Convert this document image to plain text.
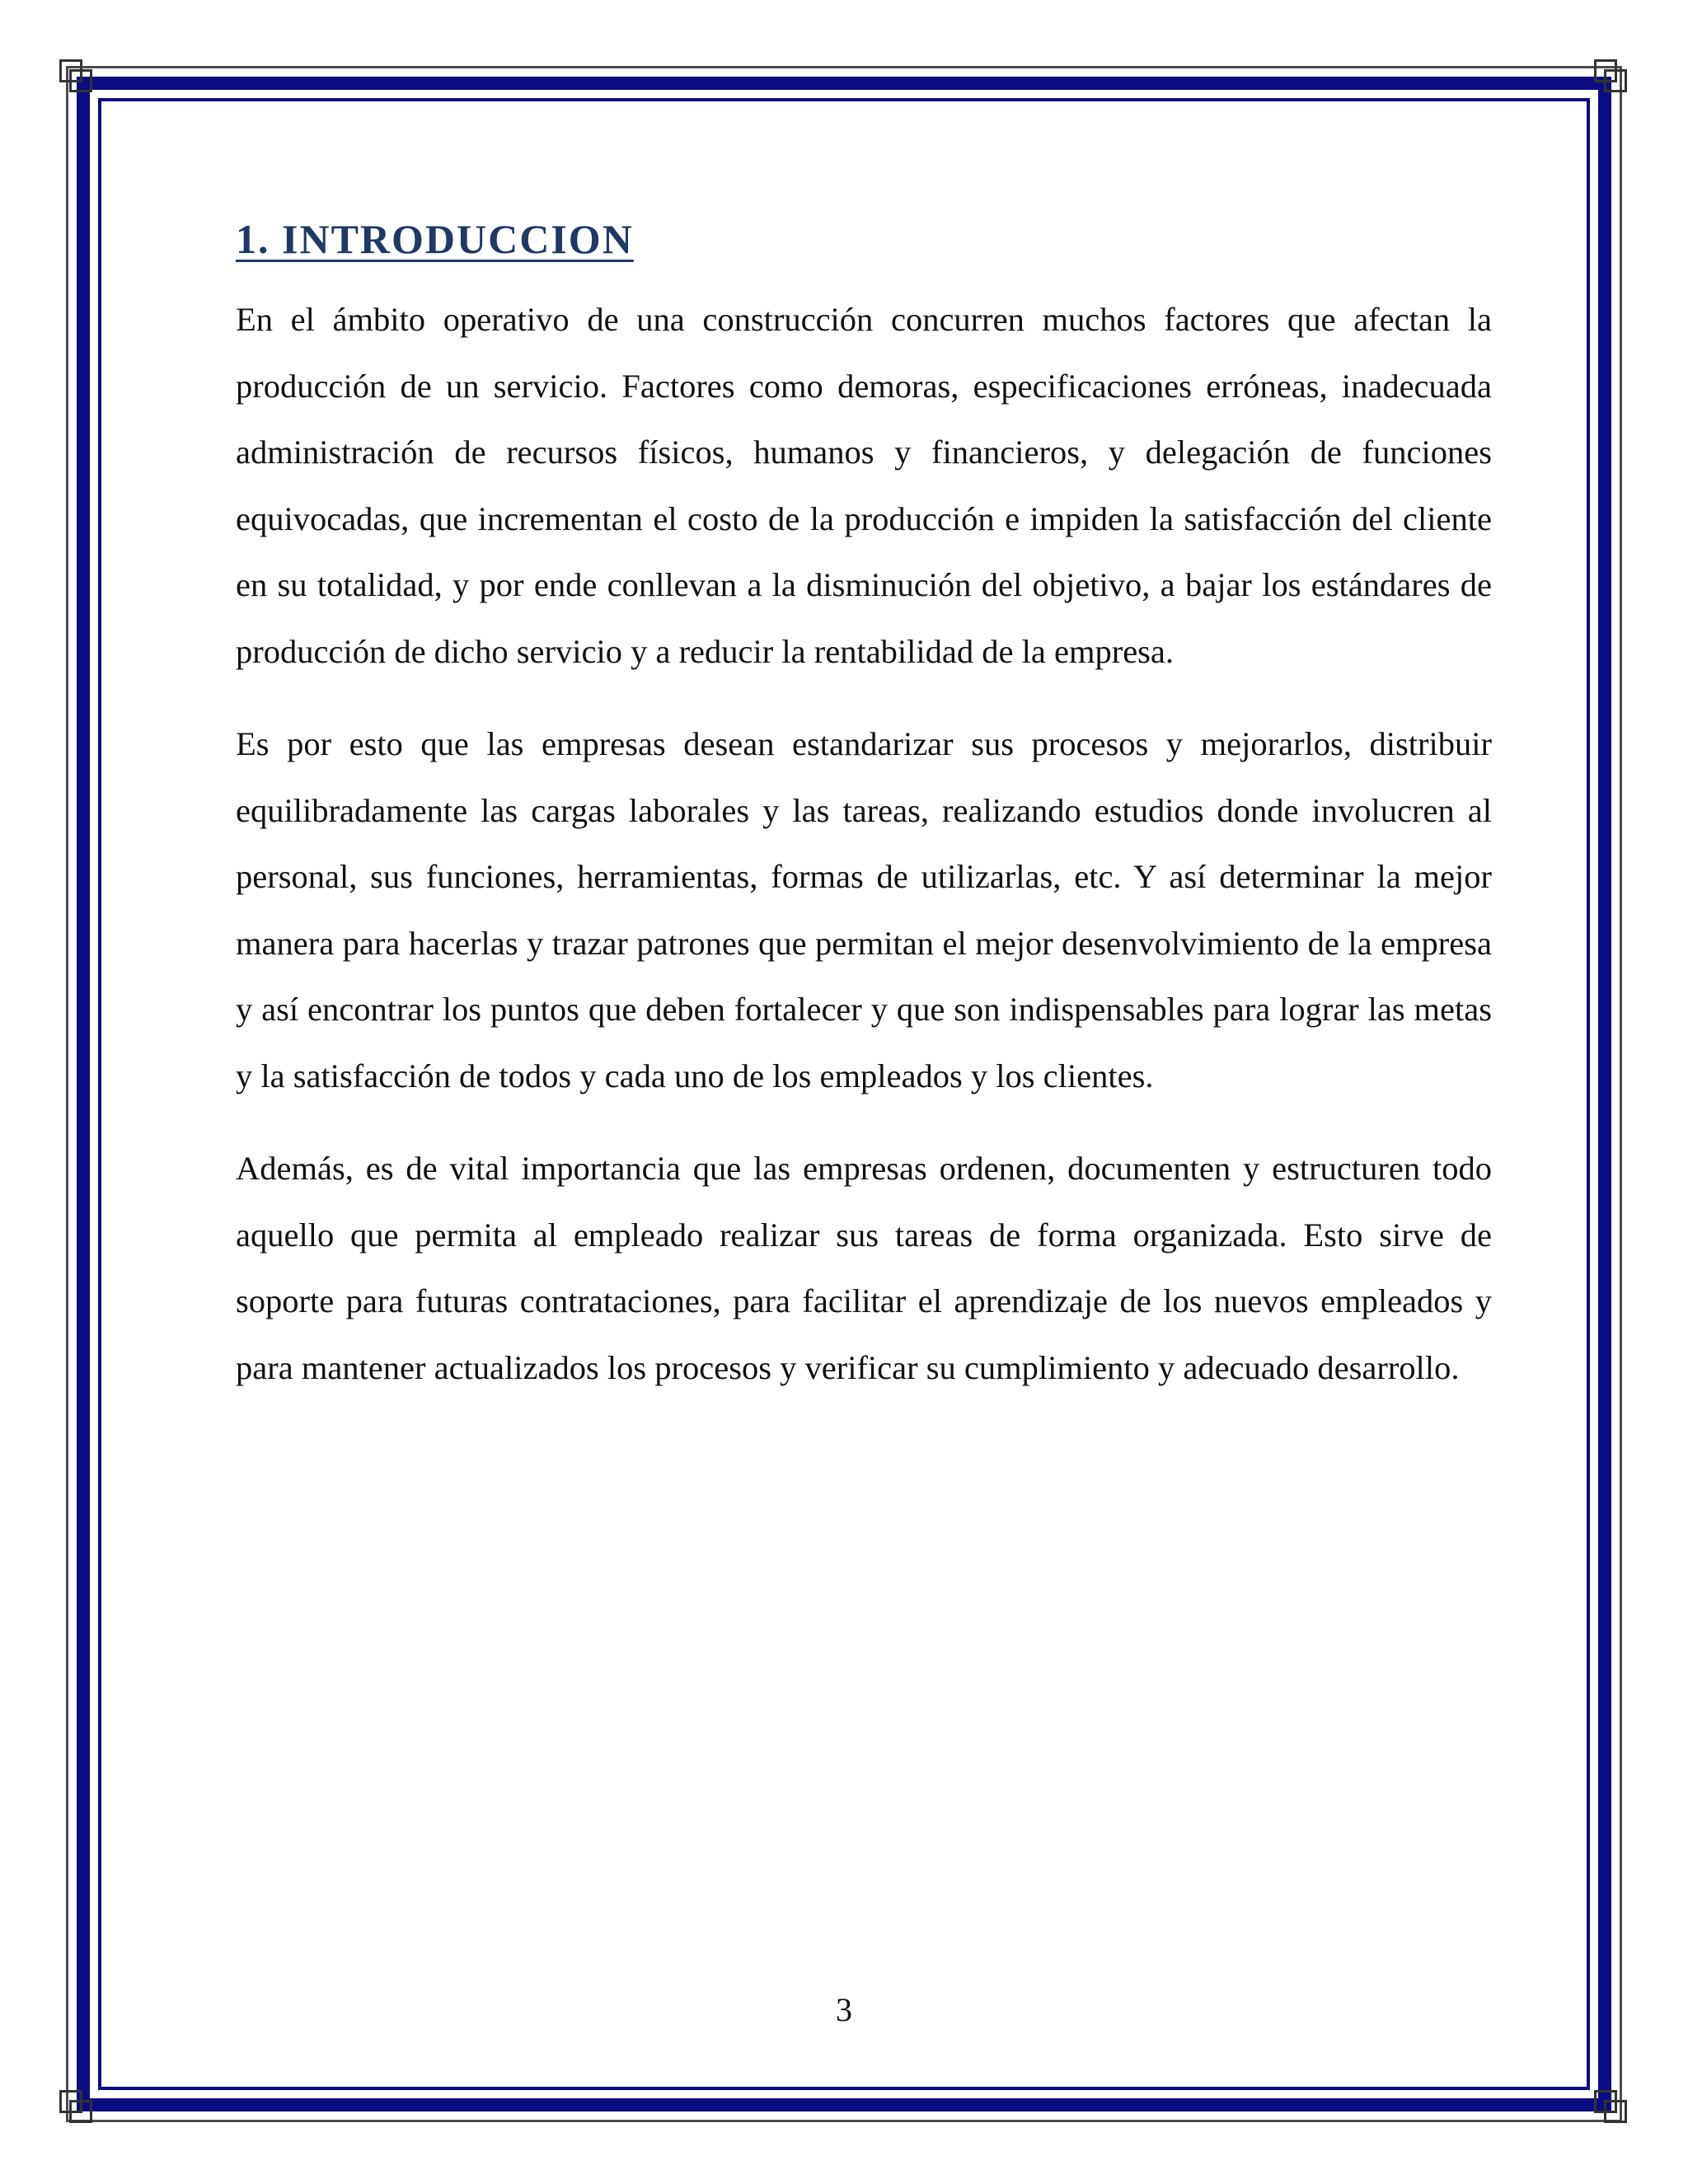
1. INTRODUCCION

En el ámbito operativo de una construcción concurren muchos factores que afectan la producción de un servicio. Factores como demoras, especificaciones erróneas, inadecuada administración de recursos físicos, humanos y financieros, y delegación de funciones equivocadas, que incrementan el costo de la producción e impiden la satisfacción del cliente en su totalidad, y por ende conllevan a la disminución del objetivo, a bajar los estándares de producción de dicho servicio y a reducir la rentabilidad de la empresa.

Es por esto que las empresas desean estandarizar sus procesos y mejorarlos, distribuir equilibradamente las cargas laborales y las tareas, realizando estudios donde involucren al personal, sus funciones, herramientas, formas de utilizarlas, etc. Y así determinar la mejor manera para hacerlas y trazar patrones que permitan el mejor desenvolvimiento de la empresa y así encontrar los puntos que deben fortalecer y que son indispensables para lograr las metas y la satisfacción de todos y cada uno de los empleados y los clientes.

Además, es de vital importancia que las empresas ordenen, documenten y estructuren todo aquello que permita al empleado realizar sus tareas de forma organizada. Esto sirve de soporte para futuras contrataciones, para facilitar el aprendizaje de los nuevos empleados y para mantener actualizados los procesos y verificar su cumplimiento y adecuado desarrollo.

3
